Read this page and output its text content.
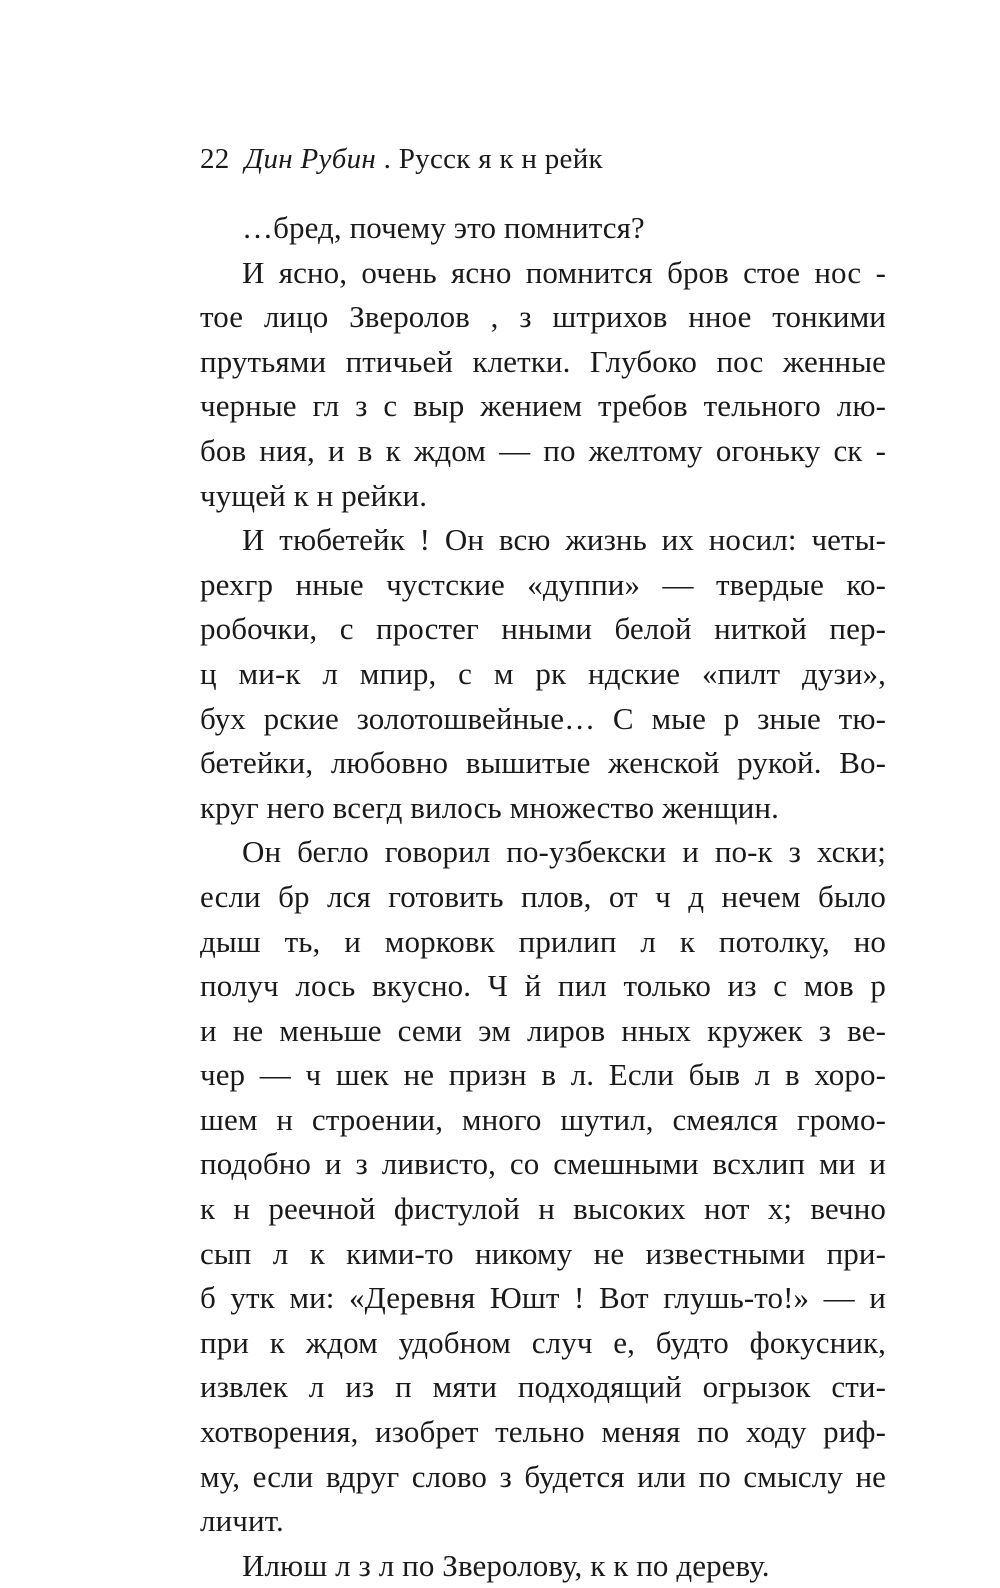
22 Дин Рубин . Русск я к н рейк
…бред, почему это помнится?
И ясно, очень ясно помнится бров стое нос -
тое лицо Зверолов , з штрихов нное тонкими
прутьями птичьей клетки. Глубоко пос женные
черные гл з с выр жением требов тельного лю-
бов ния, и в к ждом — по желтому огоньку ск -
чущей к н рейки.
И тюбетейк ! Он всю жизнь их носил: четы-
рехгр нные чустские «дуппи» — твердые ко-
робочки, с простег нными белой ниткой пер-
ц ми-к л мпир, с м рк ндские «пилт дузи»,
бух рские золотошвейные… С мые р зные тю-
бетейки, любовно вышитые женской рукой. Во-
круг него всегд вилось множество женщин.
Он бегло говорил по-узбекски и по-к з хски;
если бр лся готовить плов, от ч д нечем было
дыш ть, и морковк прилип л к потолку, но
получ лось вкусно. Ч й пил только из с мов р
и не меньше семи эм лиров нных кружек з ве-
чер — ч шек не призн в л. Если быв л в хоро-
шем н строении, много шутил, смеялся громо-
подобно и з ливисто, со смешными всхлип ми и
к н реечной фистулой н высоких нот х; вечно
сып л к кими-то никому не известными при-
б утк ми: «Деревня Юшт ! Вот глушь-то!» — и
при к ждом удобном случ е, будто фокусник,
извлек л из п мяти подходящий огрызок сти-
хотворения, изобрет тельно меняя по ходу риф-
му, если вдруг слово з будется или по смыслу не
личит.
Илюш л з л по Зверолову, к к по дереву.
